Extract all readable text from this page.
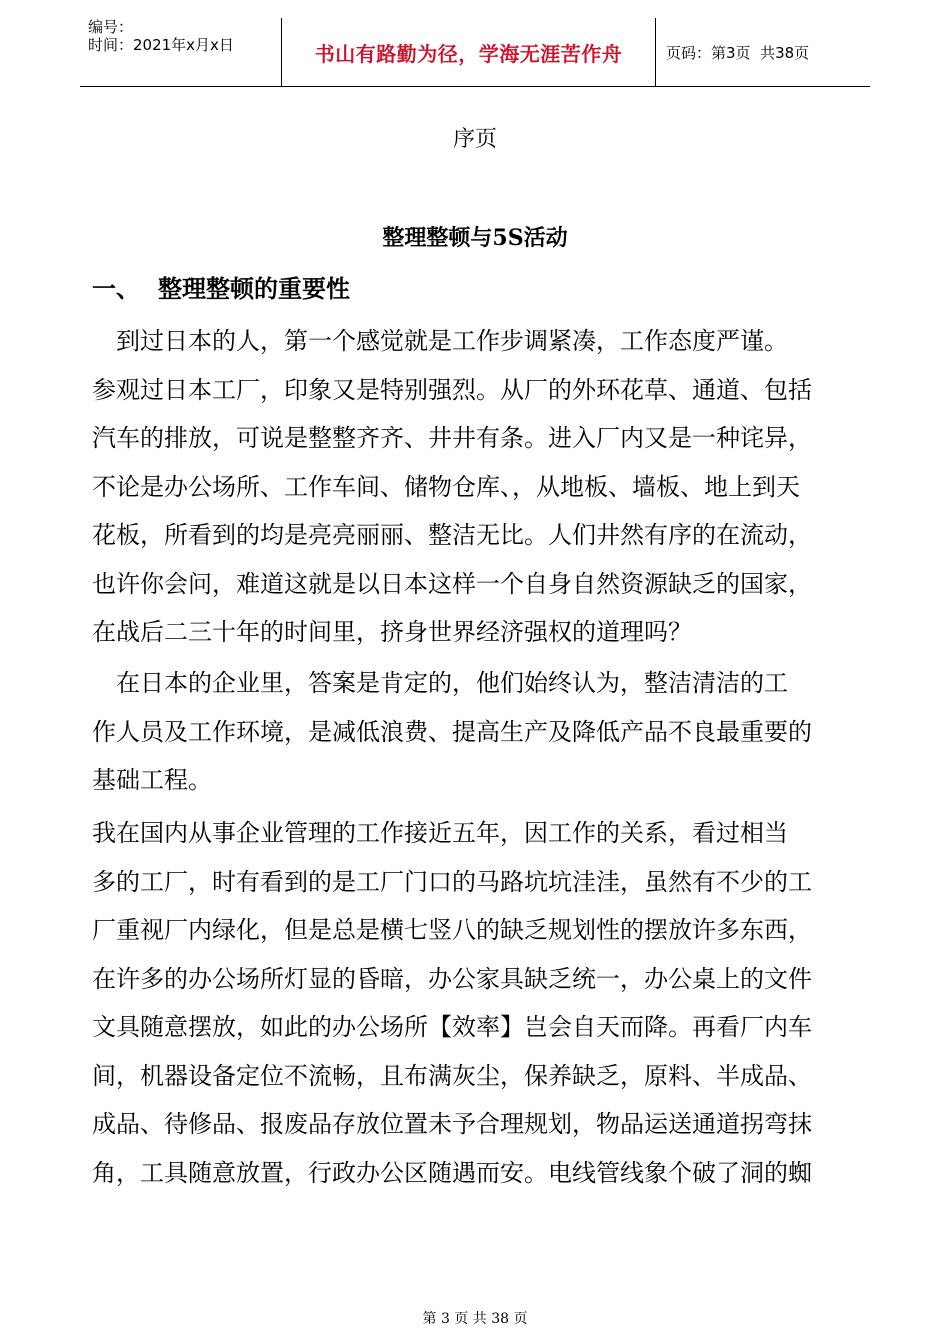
编号：
时间：2021年x月x日	书山有路勤为径，学海无涯苦作舟	页码：第3页  共38页
序页
整理整顿与5S活动
一、 整理整顿的重要性
　到过日本的人，第一个感觉就是工作步调紧凑，工作态度严谨。
参观过日本工厂，印象又是特别强烈。从厂的外环花草、通道、包括
汽车的排放，可说是整整齐齐、井井有条。进入厂内又是一种诧异，
不论是办公场所、工作车间、储物仓库、，从地板、墙板、地上到天
花板，所看到的均是亮亮丽丽、整洁无比。人们井然有序的在流动，
也许你会问，难道这就是以日本这样一个自身自然资源缺乏的国家，
在战后二三十年的时间里，挤身世界经济强权的道理吗？
　在日本的企业里，答案是肯定的，他们始终认为，整洁清洁的工
作人员及工作环境，是减低浪费、提高生产及降低产品不良最重要的
基础工程。
我在国内从事企业管理的工作接近五年，因工作的关系，看过相当
多的工厂，时有看到的是工厂门口的马路坑坑洼洼，虽然有不少的工
厂重视厂内绿化，但是总是横七竖八的缺乏规划性的摆放许多东西，
在许多的办公场所灯显的昏暗，办公家具缺乏统一，办公桌上的文件
文具随意摆放，如此的办公场所【效率】岂会自天而降。再看厂内车
间，机器设备定位不流畅，且布满灰尘，保养缺乏，原料、半成品、
成品、待修品、报废品存放位置未予合理规划，物品运送通道拐弯抹
角，工具随意放置，行政办公区随遇而安。电线管线象个破了洞的蜘
第 3 页 共 38 页
